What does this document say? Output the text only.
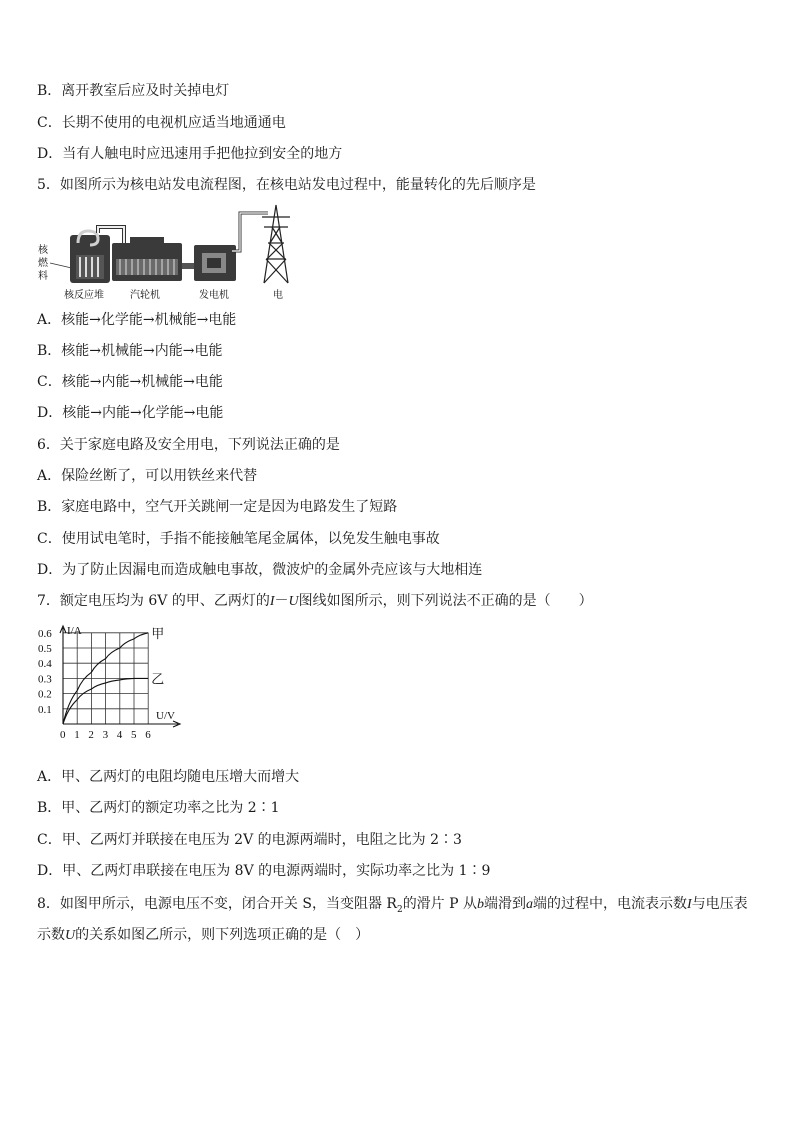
B．离开教室后应及时关掉电灯
C．长期不使用的电视机应适当地通通电
D．当有人触电时应迅速用手把他拉到安全的地方
5．如图所示为核电站发电流程图，在核电站发电过程中，能量转化的先后顺序是
核
燃
料
核反应堆	汽轮机	发电机	电
A．核能→化学能→机械能→电能
B．核能→机械能→内能→电能
C．核能→内能→机械能→电能
D．核能→内能→化学能→电能
6．关于家庭电路及安全用电，下列说法正确的是
A．保险丝断了，可以用铁丝来代替
B．家庭电路中，空气开关跳闸一定是因为电路发生了短路
C．使用试电笔时，手指不能接触笔尾金属体，以免发生触电事故
D．为了防止因漏电而造成触电事故，微波炉的金属外壳应该与大地相连
7．额定电压均为 6V 的甲、乙两灯的I－U图线如图所示，则下列说法不正确的是（　　）
甲
乙
0 1 2 3 4 5 6
0.1
0.2
0.3
0.4
0.5
0.6 I/A
U/V
A．甲、乙两灯的电阻均随电压增大而增大
B．甲、乙两灯的额定功率之比为 2∶1
C．甲、乙两灯并联接在电压为 2V 的电源两端时，电阻之比为 2∶3
D．甲、乙两灯串联接在电压为 8V 的电源两端时，实际功率之比为 1∶9
8．如图甲所示，电源电压不变，闭合开关 S，当变阻器 $R_2$的滑片 P 从b端滑到a端的过程中，电流表示数I与电压表
示数U的关系如图乙所示，则下列选项正确的是（　）
